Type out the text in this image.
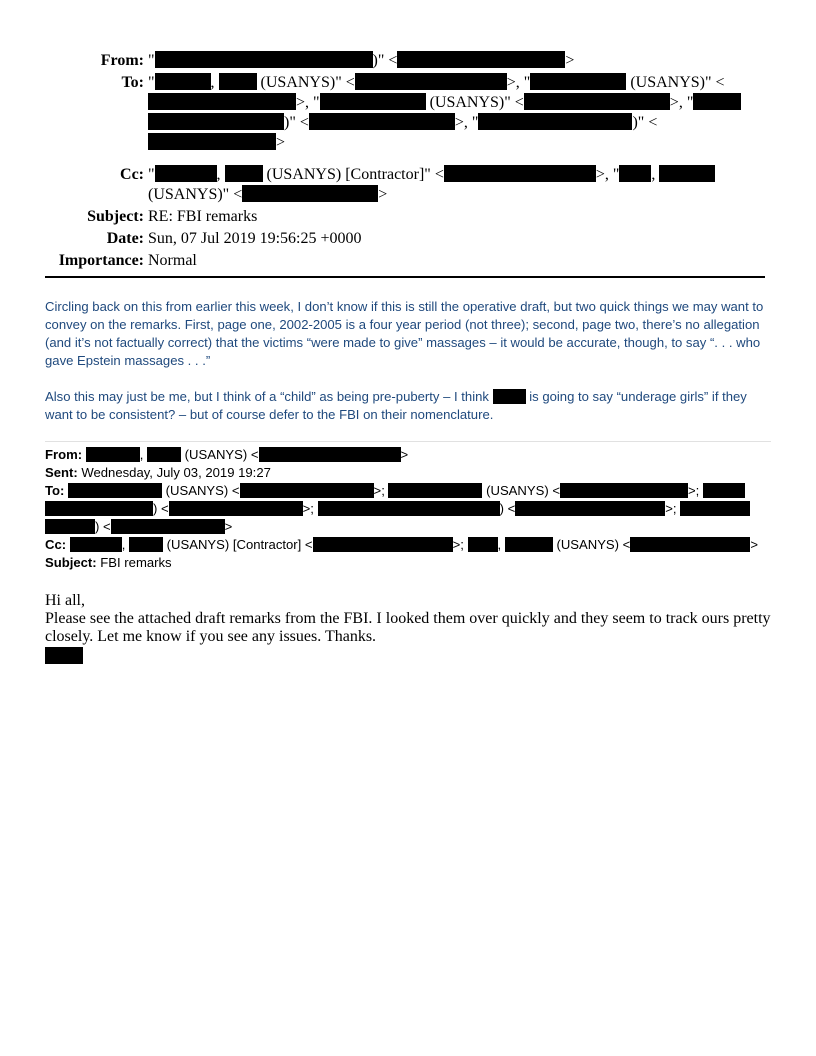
From: "	)" <	>
To: "	,	(USANYS)" <	>, "	(USANYS)" <>, "	(USANYS)" <	>, " )" <	>, "	)" <>
Cc: "	,	(USANYS) [Contractor]" <	>, " ,
(USANYS)" <	>
Subject: RE: FBI remarks
Date: Sun, 07 Jul 2019 19:56:25 +0000
Importance: Normal
Circling back on this from earlier this week, I don’t know if this is still the operative draft, but two quick things we may want to convey on the remarks. First, page one, 2002-2005 is a four year period (not three); second, page two, there’s no allegation (and it’s not factually correct) that the victims “were made to give” massages – it would be accurate, though, to say “. . . who gave Epstein massages . . .”
Also this may just be me, but I think of a “child” as being pre-puberty – I think	is going to say “underage girls” if they want to be consistent? – but of course defer to the FBI on their nomenclature.
From:	,	(USANYS) <	>
Sent: Wednesday, July 03, 2019 19:27
To:	(USANYS) <	>;	(USANYS) <	>;  ) <	>;	) <	>;  ) <	>
Cc:	,	(USANYS) [Contractor] <	>; ,	(USANYS) <	>
Subject: FBI remarks
Hi all,
Please see the attached draft remarks from the FBI. I looked them over quickly and they seem to track ours pretty closely. Let me know if you see any issues. Thanks.
